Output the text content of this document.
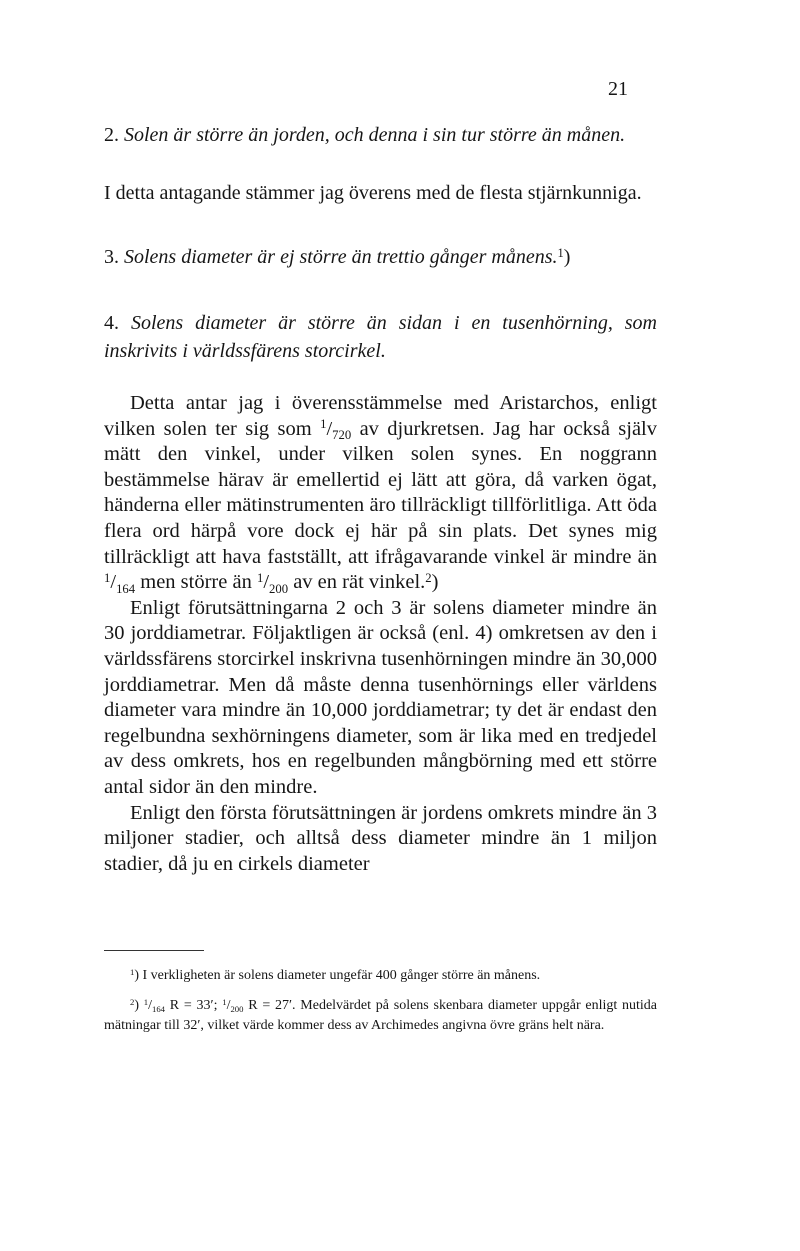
21

2. Solen är större än jorden, och denna i sin tur större än månen.

I detta antagande stämmer jag överens med de flesta stjärnkunniga.

3. Solens diameter är ej större än trettio gånger månens.$^1$)

4. Solens diameter är större än sidan i en tusenhörning, som inskrivits i världssfärens storcirkel.

Detta antar jag i överensstämmelse med Aristarchos, enligt vilken solen ter sig som $^1/_{720}$ av djurkretsen. Jag har också själv mätt den vinkel, under vilken solen synes. En noggrann bestämmelse härav är emellertid ej lätt att göra, då varken ögat, händerna eller mätinstrumenten äro tillräckligt tillförlitliga. Att öda flera ord härpå vore dock ej här på sin plats. Det synes mig tillräckligt att hava fastställt, att ifrågavarande vinkel är mindre än $^1/_{164}$ men större än $^1/_{200}$ av en rät vinkel.$^2$)

Enligt förutsättningarna 2 och 3 är solens diameter mindre än 30 jorddiametrar. Följaktligen är också (enl. 4) omkretsen av den i världssfärens storcirkel inskrivna tusenhörningen mindre än 30,000 jorddiametrar. Men då måste denna tusenhörnings eller världens diameter vara mindre än 10,000 jorddiametrar; ty det är endast den regelbundna sexhörningens diameter, som är lika med en tredjedel av dess omkrets, hos en regelbunden mångbörning med ett större antal sidor än den mindre.

Enligt den första förutsättningen är jordens omkrets mindre än 3 miljoner stadier, och alltså dess diameter mindre än 1 miljon stadier, då ju en cirkels diameter

$^1$) I verkligheten är solens diameter ungefär 400 gånger större än månens.

$^2$) $^1/_{164}$ R = 33′; $^1/_{200}$ R = 27′. Medelvärdet på solens skenbara diameter uppgår enligt nutida mätningar till 32′, vilket värde kommer dess av Archimedes angivna övre gräns helt nära.
